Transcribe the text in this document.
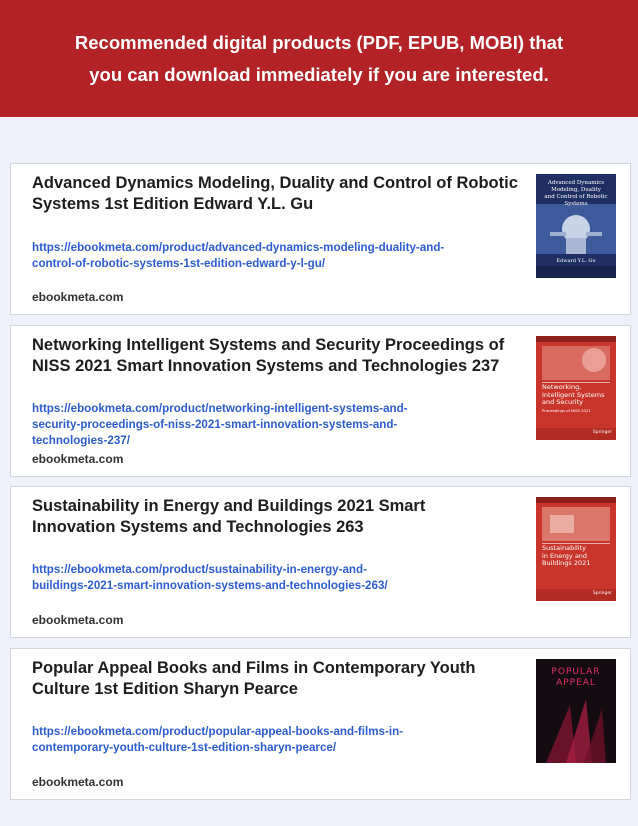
Recommended digital products (PDF, EPUB, MOBI) that
you can download immediately if you are interested.
Advanced Dynamics Modeling, Duality and Control of Robotic
Systems 1st Edition Edward Y.L. Gu
https://ebookmeta.com/product/advanced-dynamics-modeling-duality-and-
control-of-robotic-systems-1st-edition-edward-y-l-gu/
ebookmeta.com
Advanced Dynamics
Modeling, Duality
and Control of Robotic Systems
Edward Y.L. Gu
Networking Intelligent Systems and Security Proceedings of
NISS 2021 Smart Innovation Systems and Technologies 237
https://ebookmeta.com/product/networking-intelligent-systems-and-
security-proceedings-of-niss-2021-smart-innovation-systems-and-
technologies-237/
ebookmeta.com
Networking,
Intelligent Systems
and Security
Proceedings of NISS 2021
Springer
Sustainability in Energy and Buildings 2021 Smart
Innovation Systems and Technologies 263
https://ebookmeta.com/product/sustainability-in-energy-and-
buildings-2021-smart-innovation-systems-and-technologies-263/
ebookmeta.com
Sustainability
in Energy and
Buildings 2021
Springer
Popular Appeal Books and Films in Contemporary Youth
Culture 1st Edition Sharyn Pearce
https://ebookmeta.com/product/popular-appeal-books-and-films-in-
contemporary-youth-culture-1st-edition-sharyn-pearce/
ebookmeta.com
POPULAR
APPEAL
